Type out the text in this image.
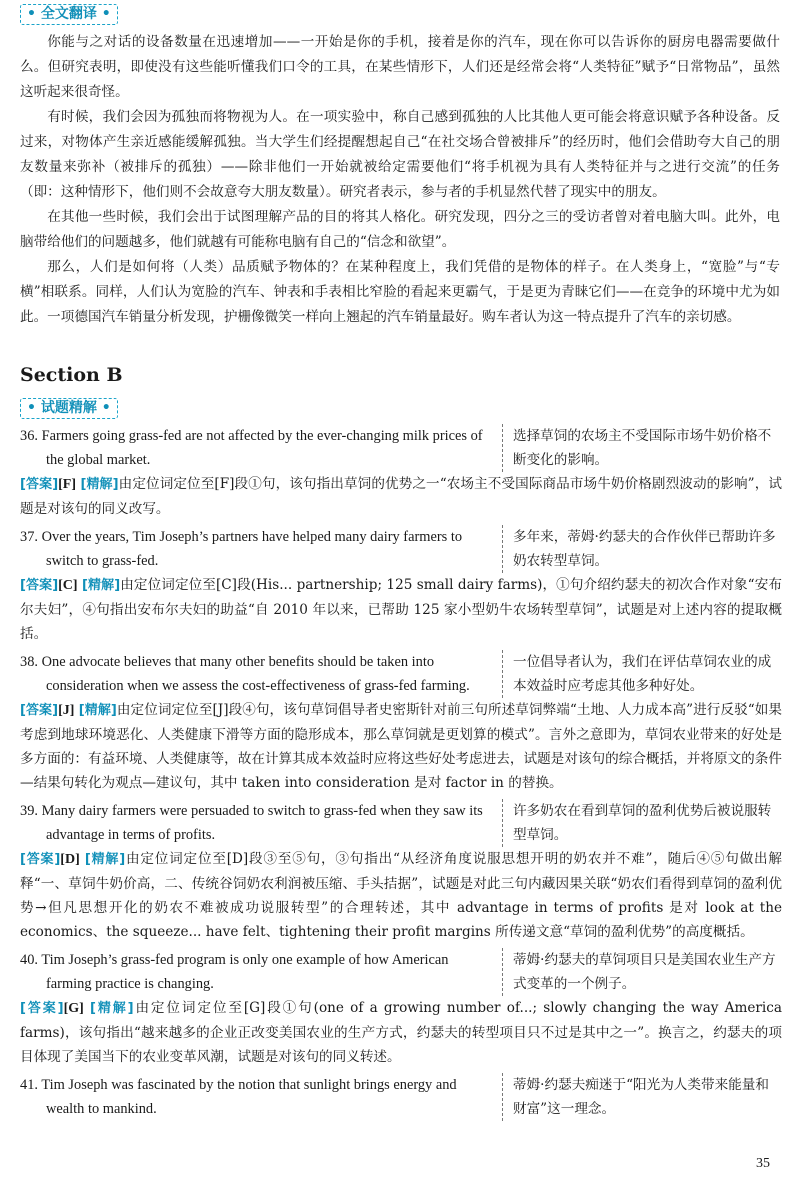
• 全文翻译 •

你能与之对话的设备数量在迅速增加——一开始是你的手机，接着是你的汽车，现在你可以告诉你的厨房电器需要做什么。但研究表明，即使没有这些能听懂我们口令的工具，在某些情形下，人们还是经常会将“人类特征”赋予“日常物品”，虽然这听起来很奇怪。

有时候，我们会因为孤独而将物视为人。在一项实验中，称自己感到孤独的人比其他人更可能会将意识赋予各种设备。反过来，对物体产生亲近感能缓解孤独。当大学生们经提醒想起自己“在社交场合曾被排斥”的经历时，他们会借助夸大自己的朋友数量来弥补（被排斥的孤独）——除非他们一开始就被给定需要他们“将手机视为具有人类特征并与之进行交流”的任务（即：这种情形下，他们则不会故意夸大朋友数量）。研究者表示，参与者的手机显然代替了现实中的朋友。

在其他一些时候，我们会出于试图理解产品的目的将其人格化。研究发现，四分之三的受访者曾对着电脑大叫。此外，电脑带给他们的问题越多，他们就越有可能称电脑有自己的“信念和欲望”。

那么，人们是如何将（人类）品质赋予物体的？在某种程度上，我们凭借的是物体的样子。在人类身上，“宽脸”与“专横”相联系。同样，人们认为宽脸的汽车、钟表和手表相比窄脸的看起来更霸气，于是更为青睐它们——在竞争的环境中尤为如此。一项德国汽车销量分析发现，护栅像微笑一样向上翘起的汽车销量最好。购车者认为这一特点提升了汽车的亲切感。

Section B
• 试题精解 •
36. Farmers going grass-fed are not affected by the ever-changing milk prices of the global market.
选择草饲的农场主不受国际市场牛奶价格不断变化的影响。
[答案][F] [精解]由定位词定位至[F]段①句，该句指出草饲的优势之一“农场主不受国际商品市场牛奶价格剧烈波动的影响”，试题是对该句的同义改写。
37. Over the years, Tim Joseph’s partners have helped many dairy farmers to switch to grass-fed.
多年来，蒂姆·约瑟夫的合作伙伴已帮助许多奶农转型草饲。
[答案][C] [精解]由定位词定位至[C]段(His... partnership; 125 small dairy farms)，①句介绍约瑟夫的初次合作对象“安布尔夫妇”，④句指出安布尔夫妇的助益“自 2010 年以来，已帮助 125 家小型奶牛农场转型草饲”，试题是对上述内容的提取概括。
38. One advocate believes that many other benefits should be taken into consideration when we assess the cost-effectiveness of grass-fed farming.
一位倡导者认为，我们在评估草饲农业的成本效益时应考虑其他多种好处。
[答案][J] [精解]由定位词定位至[J]段④句，该句草饲倡导者史密斯针对前三句所述草饲弊端“土地、人力成本高”进行反驳“如果考虑到地球环境恶化、人类健康下滑等方面的隐形成本，那么草饲就是更划算的模式”。言外之意即为，草饲农业带来的好处是多方面的：有益环境、人类健康等，故在计算其成本效益时应将这些好处考虑进去，试题是对该句的综合概括，并将原文的条件—结果句转化为观点—建议句，其中 taken into consideration 是对 factor in 的替换。
39. Many dairy farmers were persuaded to switch to grass-fed when they saw its advantage in terms of profits.
许多奶农在看到草饲的盈利优势后被说服转型草饲。
[答案][D] [精解]由定位词定位至[D]段③至⑤句，③句指出“从经济角度说服思想开明的奶农并不难”，随后④⑤句做出解释“一、草饲牛奶价高，二、传统谷饲奶农利润被压缩、手头拮据”，试题是对此三句内藏因果关联“奶农们看得到草饲的盈利优势→但凡思想开化的奶农不难被成功说服转型”的合理转述，其中 advantage in terms of profits 是对 look at the economics、the squeeze... have felt、tightening their profit margins 所传递文意“草饲的盈利优势”的高度概括。
40. Tim Joseph’s grass-fed program is only one example of how American farming practice is changing.
蒂姆·约瑟夫的草饲项目只是美国农业生产方式变革的一个例子。
[答案][G] [精解]由定位词定位至[G]段①句(one of a growing number of...; slowly changing the way America farms)，该句指出“越来越多的企业正改变美国农业的生产方式，约瑟夫的转型项目只不过是其中之一”。换言之，约瑟夫的项目体现了美国当下的农业变革风潮，试题是对该句的同义转述。
41. Tim Joseph was fascinated by the notion that sunlight brings energy and wealth to mankind.
蒂姆·约瑟夫痴迷于“阳光为人类带来能量和财富”这一理念。
35
